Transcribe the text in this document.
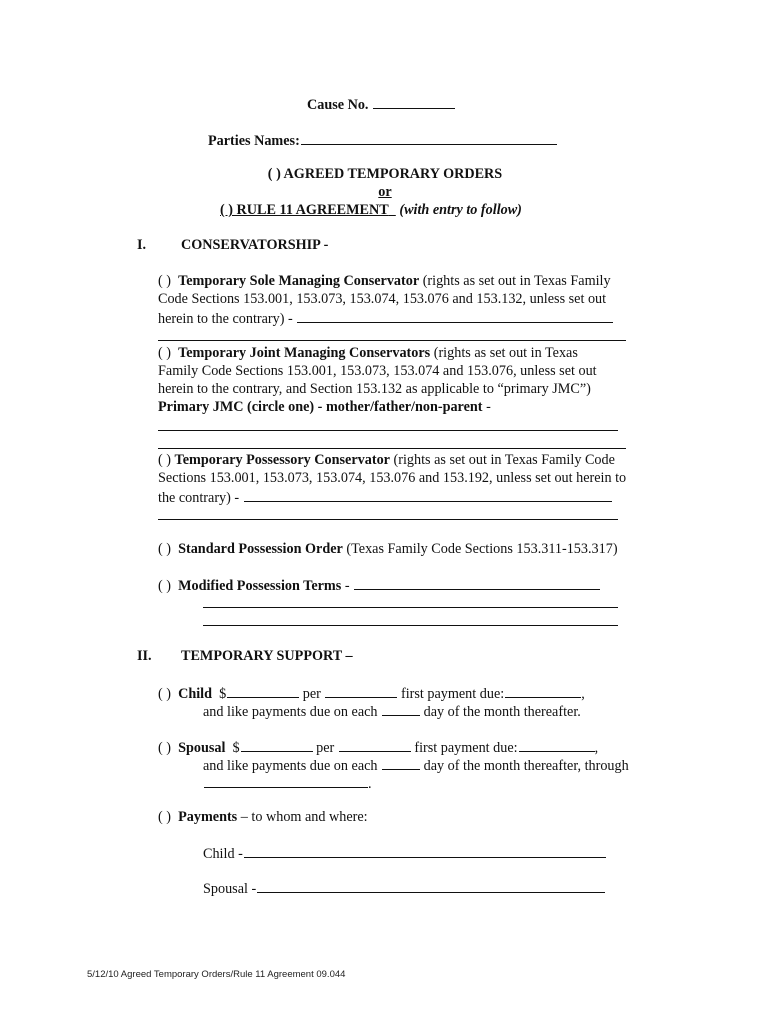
Cause No.
Parties Names:
( ) AGREED TEMPORARY ORDERS
or
( ) RULE 11 AGREEMENT (with entry to follow)
I. CONSERVATORSHIP -
( ) Temporary Sole Managing Conservator (rights as set out in Texas Family
Code Sections 153.001, 153.073, 153.074, 153.076 and 153.132, unless set out
herein to the contrary) -
( ) Temporary Joint Managing Conservators (rights as set out in Texas
Family Code Sections 153.001, 153.073, 153.074 and 153.076, unless set out
herein to the contrary, and Section 153.132 as applicable to “primary JMC”)
Primary JMC (circle one) - mother/father/non-parent -
( ) Temporary Possessory Conservator (rights as set out in Texas Family Code
Sections 153.001, 153.073, 153.074, 153.076 and 153.192, unless set out herein to
the contrary) -
( ) Standard Possession Order (Texas Family Code Sections 153.311-153.317)
( ) Modified Possession Terms -
II. TEMPORARY SUPPORT –
( ) Child $	per	first payment due:	,
and like payments due on each	day of the month thereafter.
( ) Spousal $	per	first payment due:	,
and like payments due on each	day of the month thereafter, through
.
( ) Payments – to whom and where:
Child -
Spousal -
5/12/10 Agreed Temporary Orders/Rule 11 Agreement 09.044
